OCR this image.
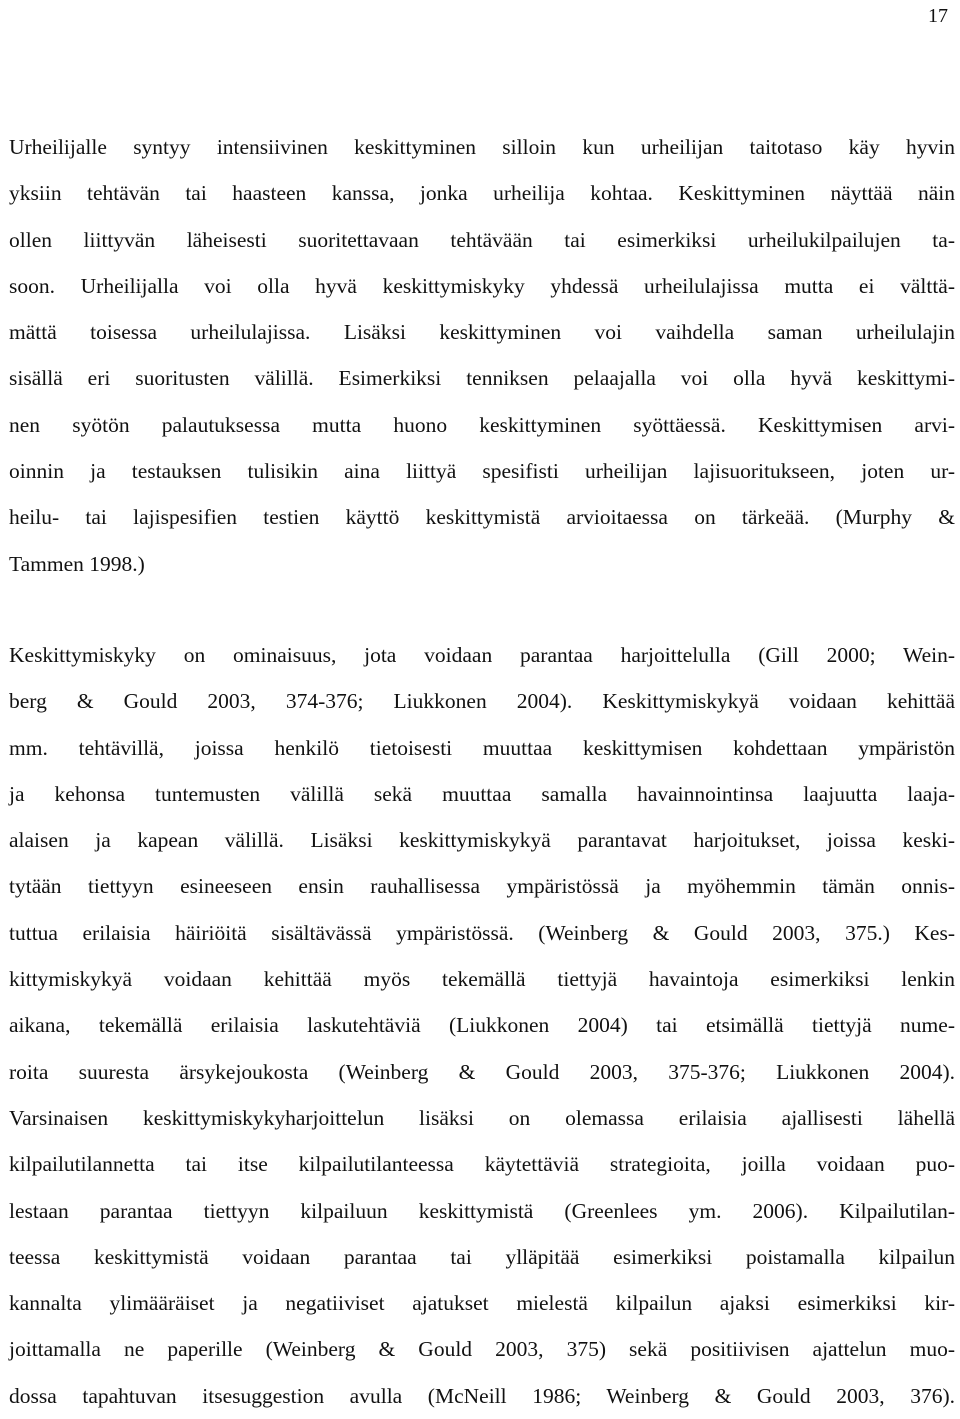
17
Urheilijalle syntyy intensiivinen keskittyminen silloin kun urheilijan taitotaso käy hyvin
yksiin tehtävän tai haasteen kanssa, jonka urheilija kohtaa. Keskittyminen näyttää näin
ollen liittyvän läheisesti suoritettavaan tehtävään tai esimerkiksi urheilukilpailujen ta-
soon. Urheilijalla voi olla hyvä keskittymiskyky yhdessä urheilulajissa mutta ei välttä-
mättä toisessa urheilulajissa. Lisäksi keskittyminen voi vaihdella saman urheilulajin
sisällä eri suoritusten välillä. Esimerkiksi tenniksen pelaajalla voi olla hyvä keskittymi-
nen syötön palautuksessa mutta huono keskittyminen syöttäessä. Keskittymisen arvi-
oinnin ja testauksen tulisikin aina liittyä spesifisti urheilijan lajisuoritukseen, joten ur-
heilu- tai lajispesifien testien käyttö keskittymistä arvioitaessa on tärkeää. (Murphy &
Tammen 1998.)
Keskittymiskyky on ominaisuus, jota voidaan parantaa harjoittelulla (Gill 2000; Wein-
berg & Gould 2003, 374-376; Liukkonen 2004). Keskittymiskykyä voidaan kehittää
mm. tehtävillä, joissa henkilö tietoisesti muuttaa keskittymisen kohdettaan ympäristön
ja kehonsa tuntemusten välillä sekä muuttaa samalla havainnointinsa laajuutta laaja-
alaisen ja kapean välillä. Lisäksi keskittymiskykyä parantavat harjoitukset, joissa keski-
tytään tiettyyn esineeseen ensin rauhallisessa ympäristössä ja myöhemmin tämän onnis-
tuttua erilaisia häiriöitä sisältävässä ympäristössä. (Weinberg & Gould 2003, 375.) Kes-
kittymiskykyä voidaan kehittää myös tekemällä tiettyjä havaintoja esimerkiksi lenkin
aikana, tekemällä erilaisia laskutehtäviä (Liukkonen 2004) tai etsimällä tiettyjä nume-
roita suuresta ärsykejoukosta (Weinberg & Gould 2003, 375-376; Liukkonen 2004).
Varsinaisen keskittymiskykyharjoittelun lisäksi on olemassa erilaisia ajallisesti lähellä
kilpailutilannetta tai itse kilpailutilanteessa käytettäviä strategioita, joilla voidaan puo-
lestaan parantaa tiettyyn kilpailuun keskittymistä (Greenlees ym. 2006). Kilpailutilan-
teessa keskittymistä voidaan parantaa tai ylläpitää esimerkiksi poistamalla kilpailun
kannalta ylimääräiset ja negatiiviset ajatukset mielestä kilpailun ajaksi esimerkiksi kir-
joittamalla ne paperille (Weinberg & Gould 2003, 375) sekä positiivisen ajattelun muo-
dossa tapahtuvan itsesuggestion avulla (McNeill 1986; Weinberg & Gould 2003, 376).
